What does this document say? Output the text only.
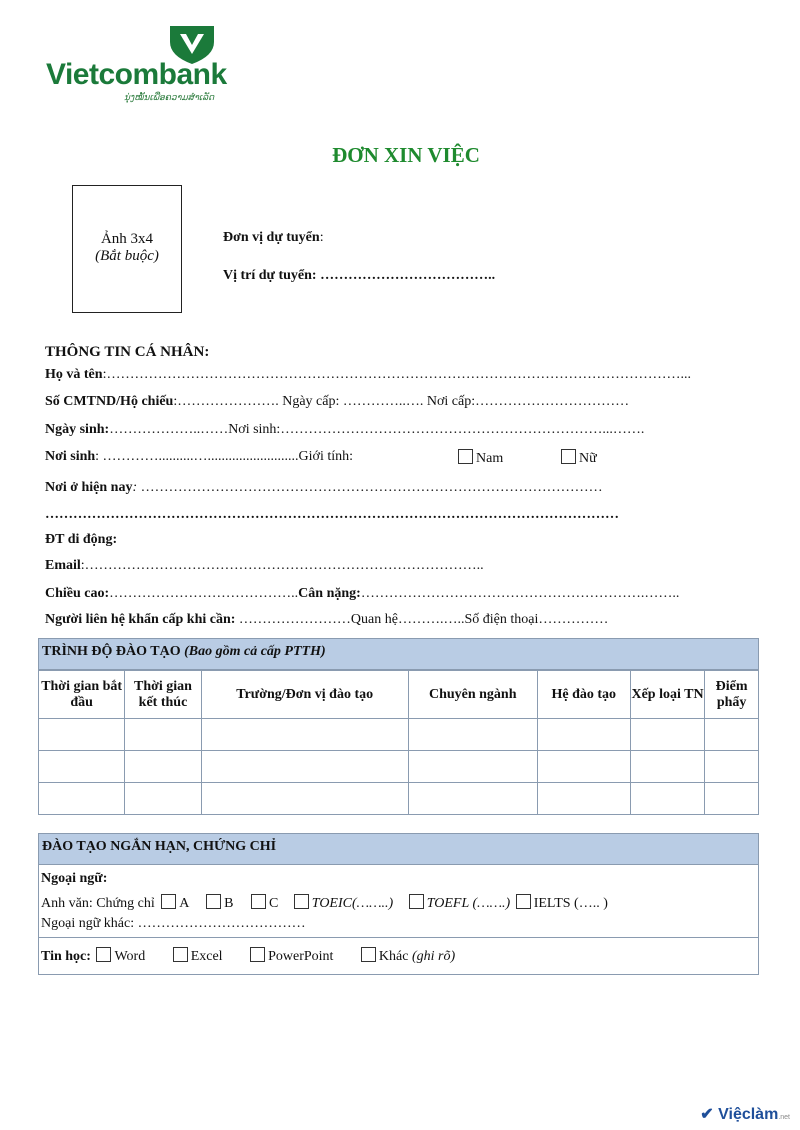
Vietcombank
ນຸ່ງໝັ້ນເພື່ອຄວາມສຳເລັດ
ĐƠN XIN VIỆC
Ảnh 3x4
(Bắt buộc)
Đơn vị dự tuyển:
Vị trí dự tuyển: ………………………………..
THÔNG TIN CÁ NHÂN:
Họ và tên:……………………………………………………………………………………………………………...
Số CMTND/Hộ chiếu:…………………. Ngày cấp: …………..…. Nơi cấp:……………………………
Ngày sinh:………………..……Nơi sinh:……………………………………………………………...…….
Nơi sinh: …………..........…..........................Giới tính:	Nam	Nữ
Nơi ở hiện nay: ………………………………………………………………………………………
……………………………………………………………………………………………………………
ĐT di động:
Email:…………………………………………………………………………..
Chiều cao:…………………………………..Cân nặng:…………………………………………………….……..
Người liên hệ khẩn cấp khi cần: ……………………Quan hệ……….…..Số điện thoại……………
TRÌNH ĐỘ ĐÀO TẠO (Bao gồm cả cấp PTTH)
Thời gian bắt đầu	Thời gian kết thúc	Trường/Đơn vị đào tạo	Chuyên ngành	Hệ đào tạo	Xếp loại TN	Điểm phẩy

ĐÀO TẠO NGẮN HẠN, CHỨNG CHỈ
Ngoại ngữ:
Anh văn: Chứng chỉ A	B	C TOEIC(……..) TOEFL (…….) IELTS (….. )
Ngoại ngữ khác: ………………………………
Tin học: Word	Excel	PowerPoint	Khác (ghi rõ)
✔ Việclàm.net
